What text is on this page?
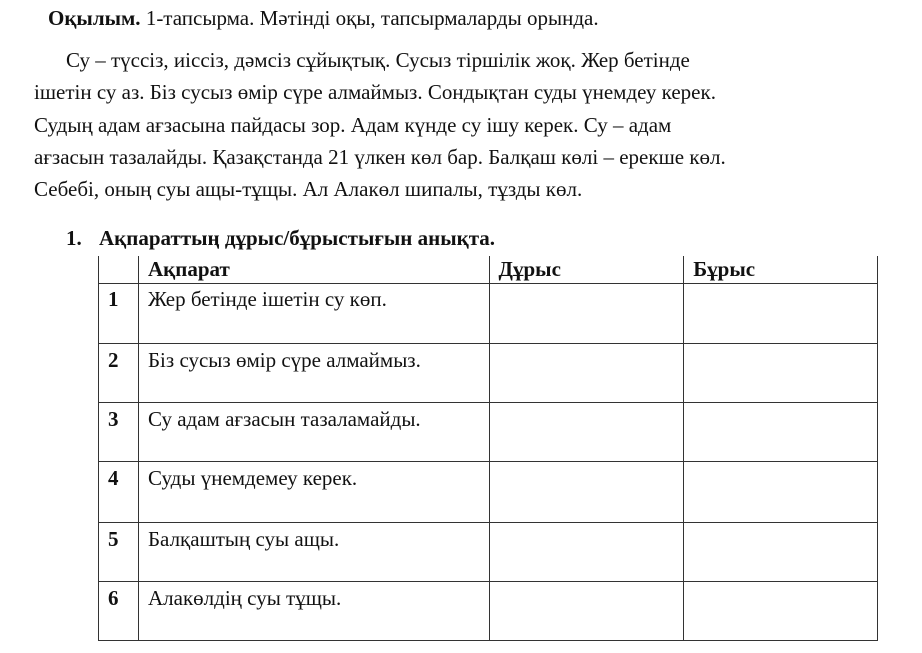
Оқылым. 1-тапсырма. Мәтінді оқы, тапсырмаларды орында.

Су – түссіз, иіссіз, дәмсіз сұйықтық. Сусыз тіршілік жоқ. Жер бетінде
ішетін су аз. Біз сусыз өмір сүре алмаймыз. Сондықтан суды үнемдеу керек.
Судың адам ағзасына пайдасы зор. Адам күнде су ішу керек. Су – адам
ағзасын тазалайды. Қазақстанда 21 үлкен көл бар. Балқаш көлі – ерекше көл.
Себебі, оның суы ащы-тұщы. Ал Алакөл шипалы, тұзды көл.

1. Ақпараттың дұрыс/бұрыстығын анықта.
	Ақпарат	Дұрыс	Бұрыс
1	Жер бетінде ішетін су көп.		
2	Біз сусыз өмір сүре алмаймыз.		
3	Су адам ағзасын тазаламайды.		
4	Суды үнемдемеу керек.		
5	Балқаштың суы ащы.		
6	Алакөлдің суы тұщы.		
